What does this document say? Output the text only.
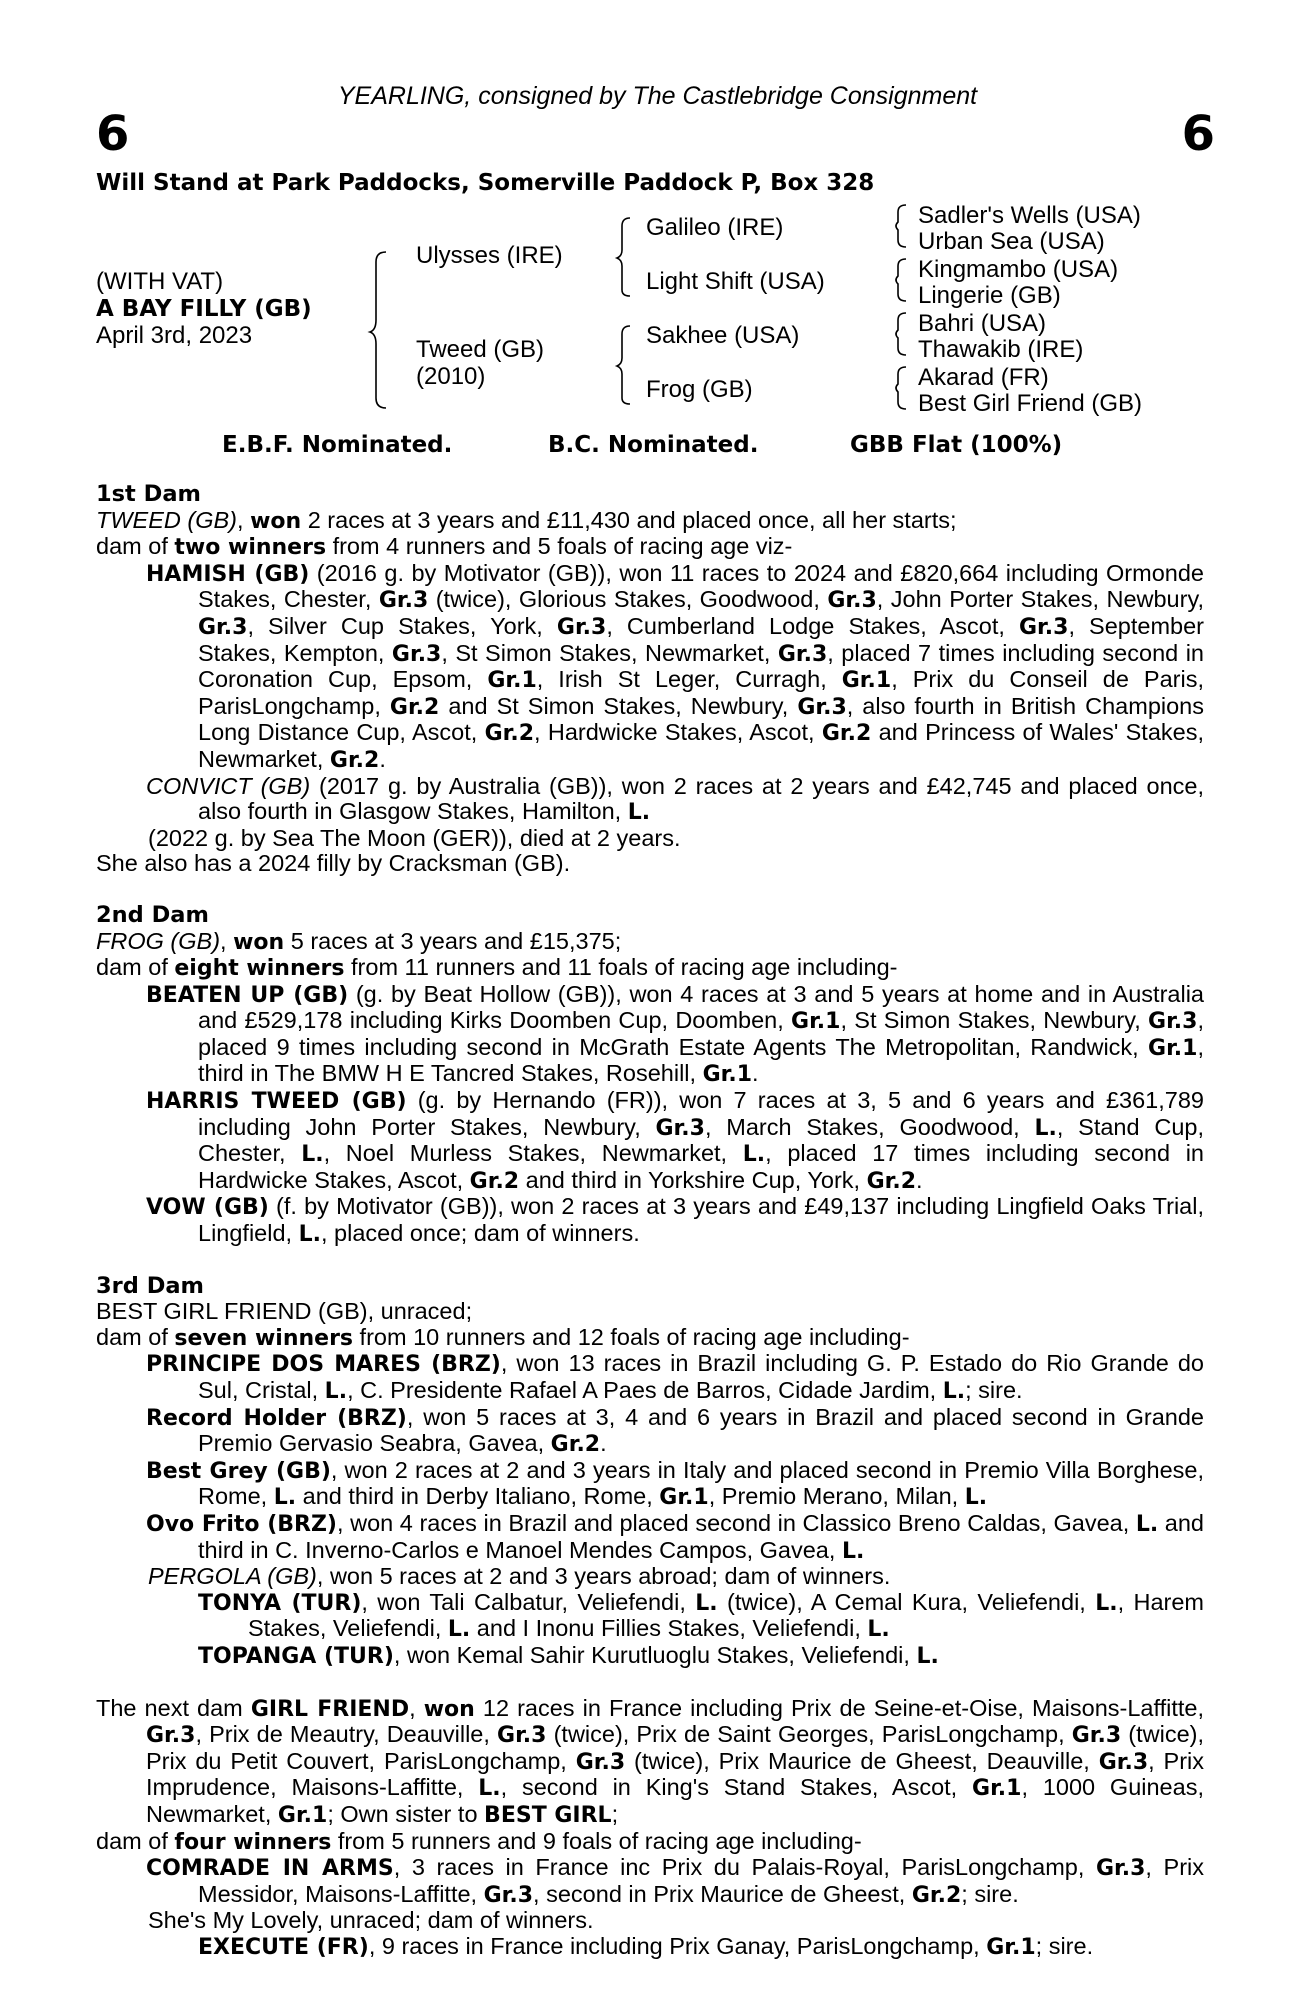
YEARLING, consigned by The Castlebridge Consignment
6	6
Will Stand at Park Paddocks, Somerville Paddock P, Box 328
(WITH VAT)
A BAY FILLY (GB)
April 3rd, 2023
Ulysses (IRE)
Tweed (GB)
(2010)
Galileo (IRE)
Light Shift (USA)
Sakhee (USA)
Frog (GB)
Sadler's Wells (USA)
Urban Sea (USA)
Kingmambo (USA)
Lingerie (GB)
Bahri (USA)
Thawakib (IRE)
Akarad (FR)
Best Girl Friend (GB)
E.B.F. Nominated.	B.C. Nominated.	GBB Flat (100%)

1st Dam

TWEED (GB), won 2 races at 3 years and £11,430 and placed once, all her starts;

dam of two winners from 4 runners and 5 foals of racing age viz-

HAMISH (GB) (2016 g. by Motivator (GB)), won 11 races to 2024 and £820,664 including Ormonde Stakes, Chester, Gr.3 (twice), Glorious Stakes, Goodwood, Gr.3, John Porter Stakes, Newbury, Gr.3, Silver Cup Stakes, York, Gr.3, Cumberland Lodge Stakes, Ascot, Gr.3, September Stakes, Kempton, Gr.3, St Simon Stakes, Newmarket, Gr.3, placed 7 times including second in Coronation Cup, Epsom, Gr.1, Irish St Leger, Curragh, Gr.1, Prix du Conseil de Paris, ParisLongchamp, Gr.2 and St Simon Stakes, Newbury, Gr.3, also fourth in British Champions Long Distance Cup, Ascot, Gr.2, Hardwicke Stakes, Ascot, Gr.2 and Princess of Wales' Stakes, Newmarket, Gr.2.

CONVICT (GB) (2017 g. by Australia (GB)), won 2 races at 2 years and £42,745 and placed once, also fourth in Glasgow Stakes, Hamilton, L.

(2022 g. by Sea The Moon (GER)), died at 2 years.

She also has a 2024 filly by Cracksman (GB).

2nd Dam

FROG (GB), won 5 races at 3 years and £15,375;

dam of eight winners from 11 runners and 11 foals of racing age including-

BEATEN UP (GB) (g. by Beat Hollow (GB)), won 4 races at 3 and 5 years at home and in Australia and £529,178 including Kirks Doomben Cup, Doomben, Gr.1, St Simon Stakes, Newbury, Gr.3, placed 9 times including second in McGrath Estate Agents The Metropolitan, Randwick, Gr.1, third in The BMW H E Tancred Stakes, Rosehill, Gr.1.

HARRIS TWEED (GB) (g. by Hernando (FR)), won 7 races at 3, 5 and 6 years and £361,789 including John Porter Stakes, Newbury, Gr.3, March Stakes, Goodwood, L., Stand Cup, Chester, L., Noel Murless Stakes, Newmarket, L., placed 17 times including second in Hardwicke Stakes, Ascot, Gr.2 and third in Yorkshire Cup, York, Gr.2.

VOW (GB) (f. by Motivator (GB)), won 2 races at 3 years and £49,137 including Lingfield Oaks Trial, Lingfield, L., placed once; dam of winners.

3rd Dam

BEST GIRL FRIEND (GB), unraced;

dam of seven winners from 10 runners and 12 foals of racing age including-

PRINCIPE DOS MARES (BRZ), won 13 races in Brazil including G. P. Estado do Rio Grande do Sul, Cristal, L., C. Presidente Rafael A Paes de Barros, Cidade Jardim, L.; sire.

Record Holder (BRZ), won 5 races at 3, 4 and 6 years in Brazil and placed second in Grande Premio Gervasio Seabra, Gavea, Gr.2.

Best Grey (GB), won 2 races at 2 and 3 years in Italy and placed second in Premio Villa Borghese, Rome, L. and third in Derby Italiano, Rome, Gr.1, Premio Merano, Milan, L.

Ovo Frito (BRZ), won 4 races in Brazil and placed second in Classico Breno Caldas, Gavea, L. and third in C. Inverno-Carlos e Manoel Mendes Campos, Gavea, L.

PERGOLA (GB), won 5 races at 2 and 3 years abroad; dam of winners.

TONYA (TUR), won Tali Calbatur, Veliefendi, L. (twice), A Cemal Kura, Veliefendi, L., Harem Stakes, Veliefendi, L. and I Inonu Fillies Stakes, Veliefendi, L.

TOPANGA (TUR), won Kemal Sahir Kurutluoglu Stakes, Veliefendi, L.

The next dam GIRL FRIEND, won 12 races in France including Prix de Seine-et-Oise, Maisons-Laffitte, Gr.3, Prix de Meautry, Deauville, Gr.3 (twice), Prix de Saint Georges, ParisLongchamp, Gr.3 (twice), Prix du Petit Couvert, ParisLongchamp, Gr.3 (twice), Prix Maurice de Gheest, Deauville, Gr.3, Prix Imprudence, Maisons-Laffitte, L., second in King's Stand Stakes, Ascot, Gr.1, 1000 Guineas, Newmarket, Gr.1; Own sister to BEST GIRL;

dam of four winners from 5 runners and 9 foals of racing age including-

COMRADE IN ARMS, 3 races in France inc Prix du Palais-Royal, ParisLongchamp, Gr.3, Prix Messidor, Maisons-Laffitte, Gr.3, second in Prix Maurice de Gheest, Gr.2; sire.

She's My Lovely, unraced; dam of winners.

EXECUTE (FR), 9 races in France including Prix Ganay, ParisLongchamp, Gr.1; sire.
